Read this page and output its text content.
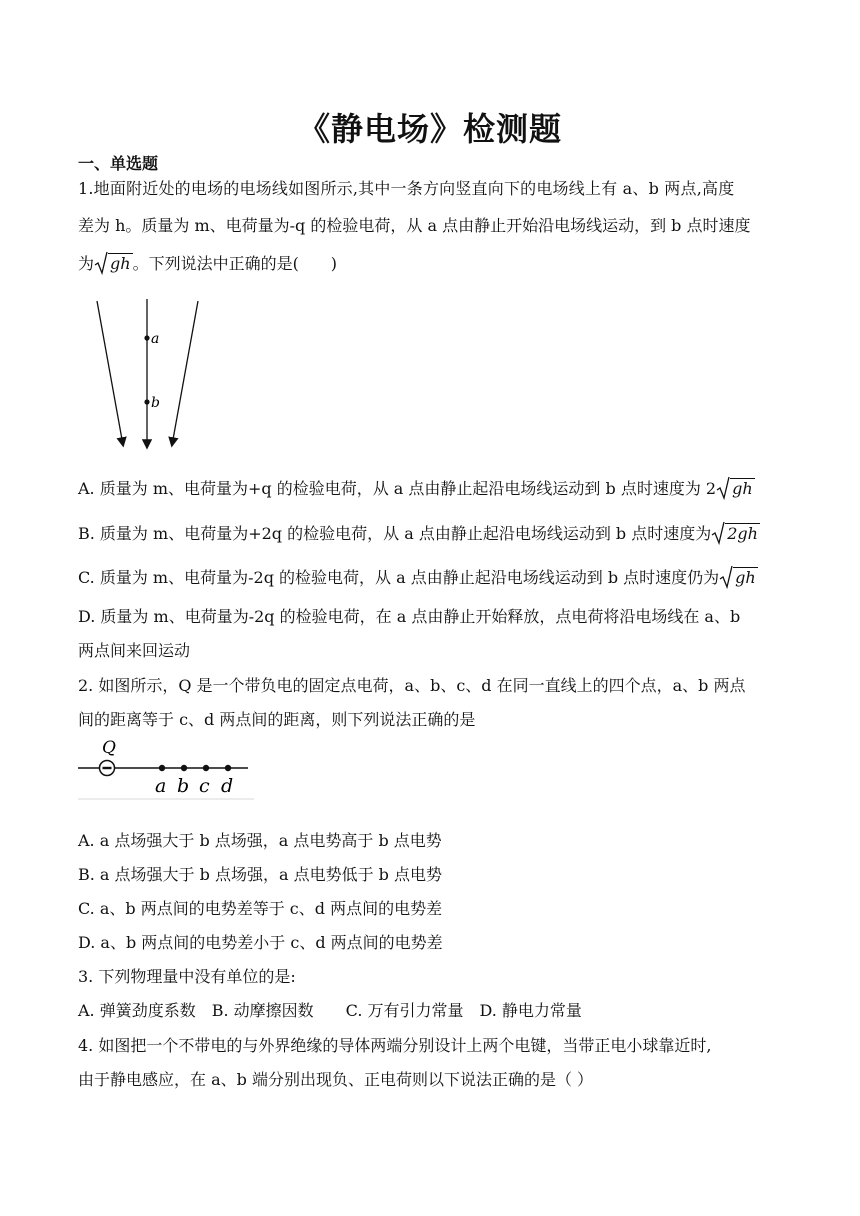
《静电场》检测题
一、单选题
1.地面附近处的电场的电场线如图所示,其中一条方向竖直向下的电场线上有 a、b 两点,高度
差为 h。质量为 m、电荷量为-q 的检验电荷，从 a 点由静止开始沿电场线运动，到 b 点时速度
为 gh 。下列说法中正确的是(　　)
a
b
A. 质量为 m、电荷量为+q 的检验电荷，从 a 点由静止起沿电场线运动到 b 点时速度为 2 gh
B. 质量为 m、电荷量为+2q 的检验电荷，从 a 点由静止起沿电场线运动到 b 点时速度为 2gh
C. 质量为 m、电荷量为-2q 的检验电荷，从 a 点由静止起沿电场线运动到 b 点时速度仍为 gh
D. 质量为 m、电荷量为-2q 的检验电荷，在 a 点由静止开始释放，点电荷将沿电场线在 a、b
两点间来回运动
2. 如图所示，Q 是一个带负电的固定点电荷，a、b、c、d 在同一直线上的四个点，a、b 两点
间的距离等于 c、d 两点间的距离，则下列说法正确的是
Q
a b c d
A. a 点场强大于 b 点场强，a 点电势高于 b 点电势
B. a 点场强大于 b 点场强，a 点电势低于 b 点电势
C. a、b 两点间的电势差等于 c、d 两点间的电势差
D. a、b 两点间的电势差小于 c、d 两点间的电势差
3. 下列物理量中没有单位的是:
A. 弹簧劲度系数　B. 动摩擦因数　　C. 万有引力常量　D. 静电力常量
4. 如图把一个不带电的与外界绝缘的导体两端分别设计上两个电键，当带正电小球靠近时,
由于静电感应，在 a、b 端分别出现负、正电荷则以下说法正确的是（ ）
